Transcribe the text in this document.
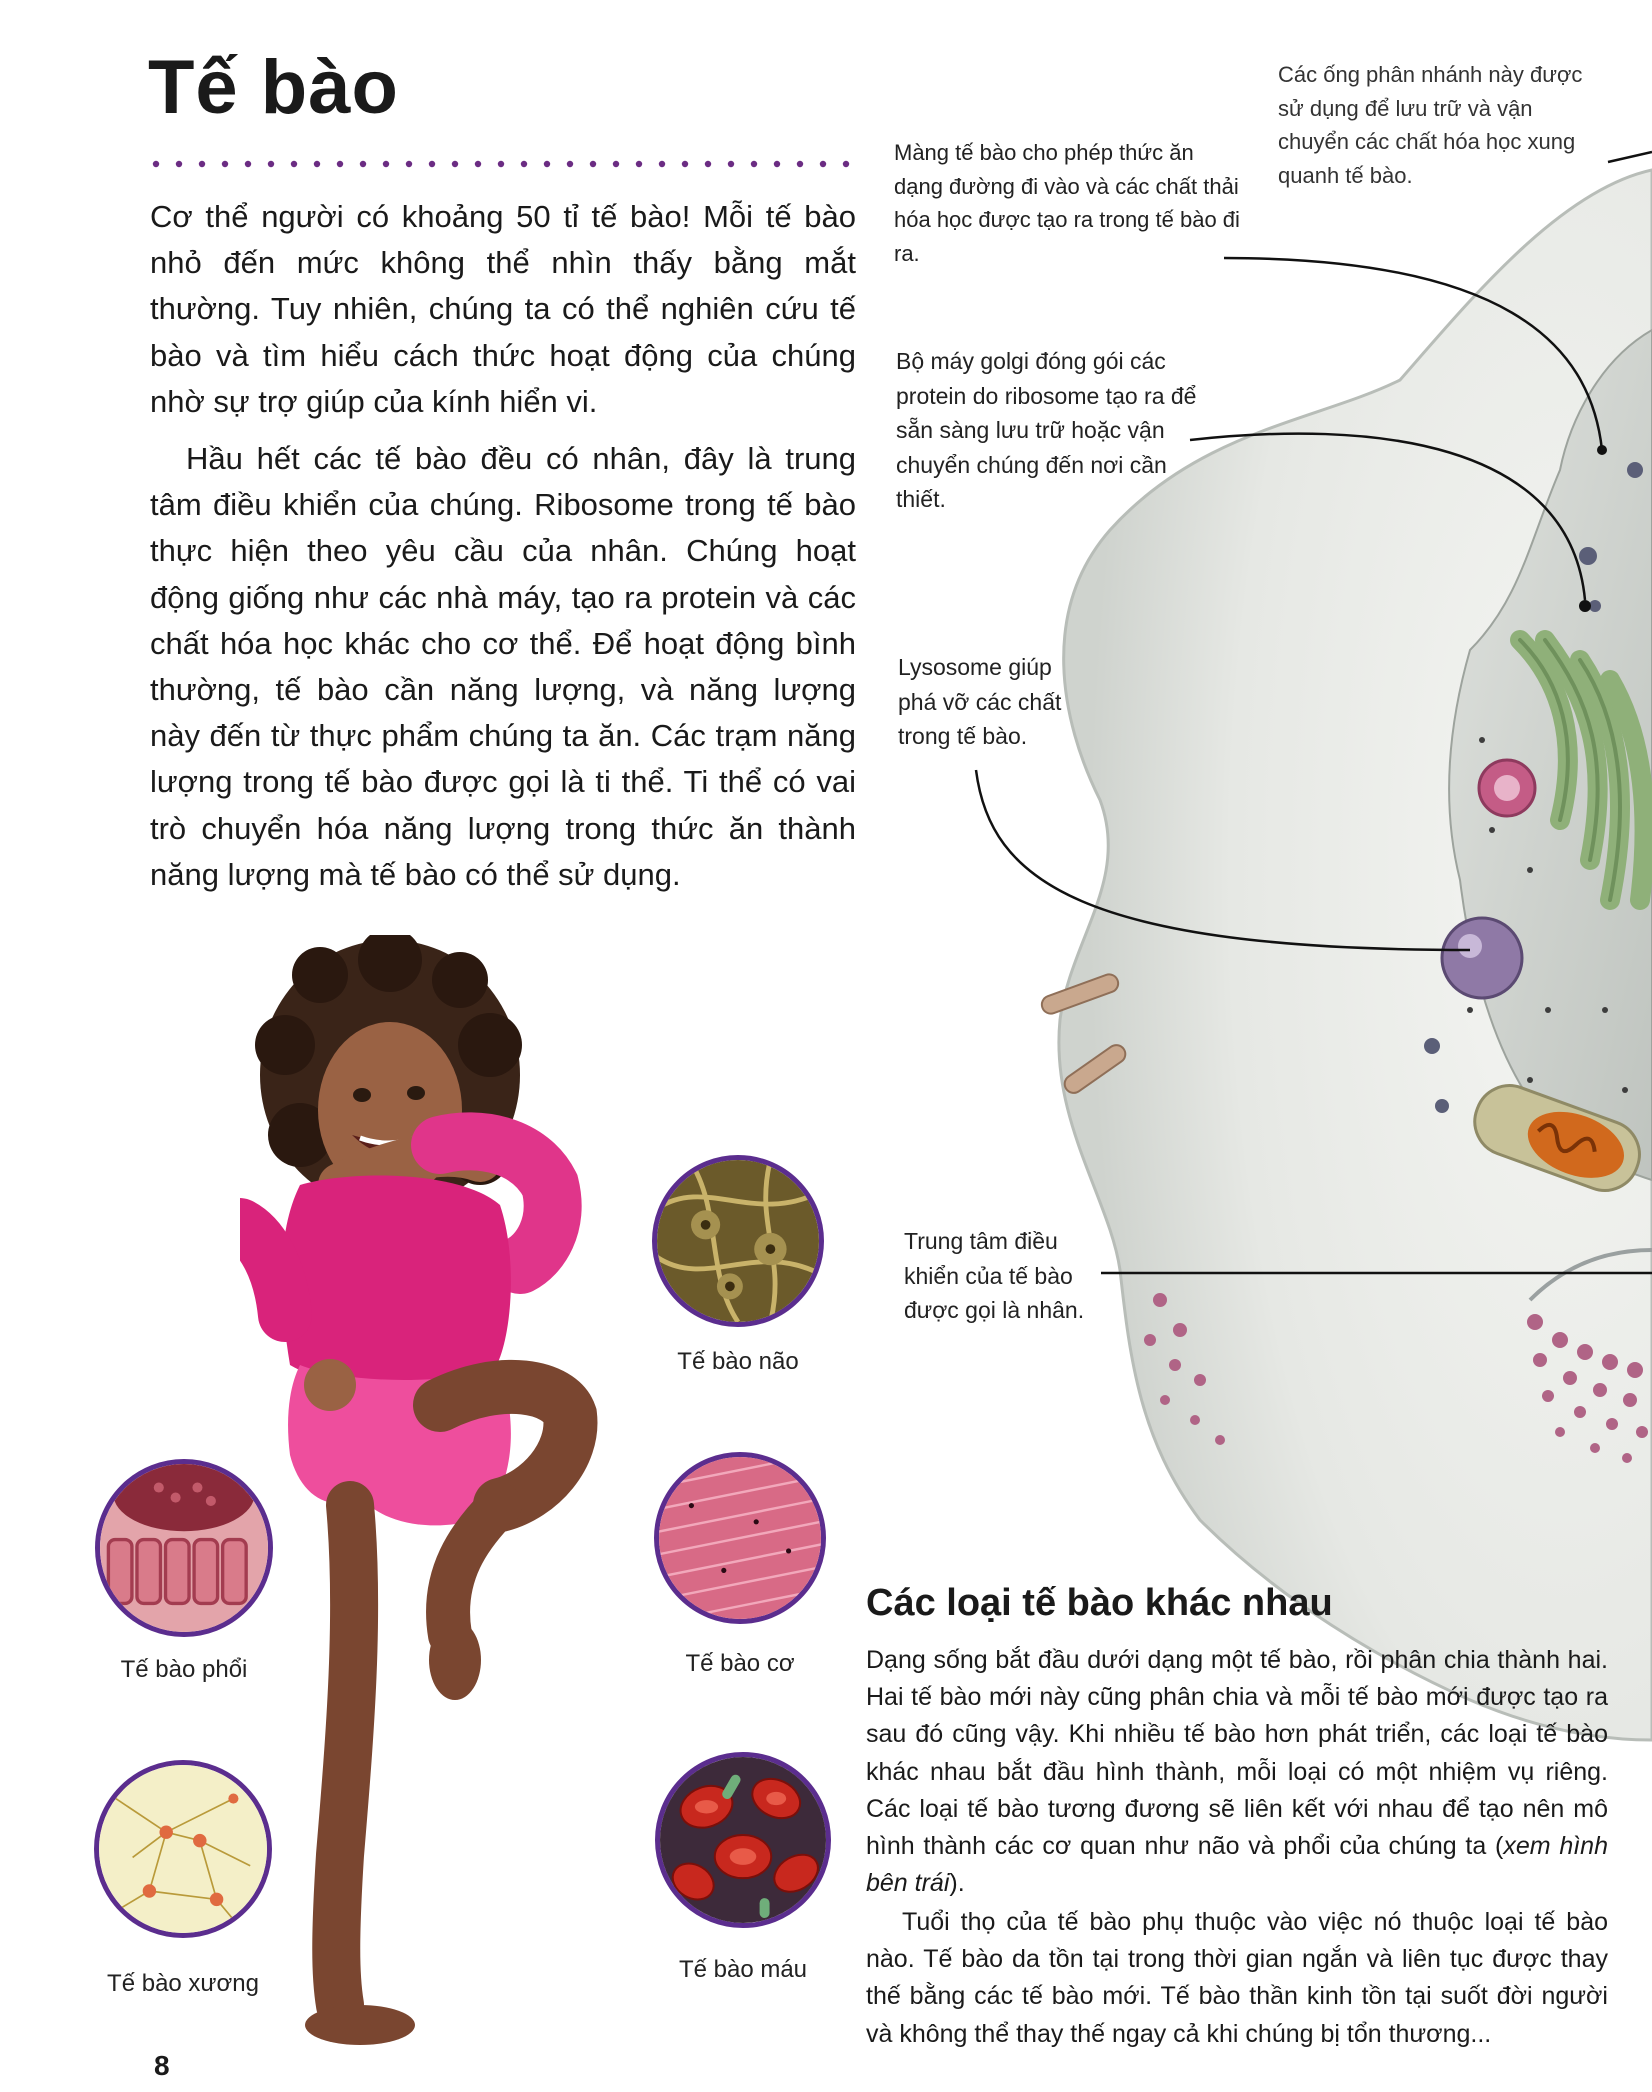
Tế bào

Cơ thể người có khoảng 50 tỉ tế bào! Mỗi tế bào nhỏ đến mức không thể nhìn thấy bằng mắt thường. Tuy nhiên, chúng ta có thể nghiên cứu tế bào và tìm hiểu cách thức hoạt động của chúng nhờ sự trợ giúp của kính hiển vi.

Hầu hết các tế bào đều có nhân, đây là trung tâm điều khiển của chúng. Ribosome trong tế bào thực hiện theo yêu cầu của nhân. Chúng hoạt động giống như các nhà máy, tạo ra protein và các chất hóa học khác cho cơ thể. Để hoạt động bình thường, tế bào cần năng lượng, và năng lượng này đến từ thực phẩm chúng ta ăn. Các trạm năng lượng trong tế bào được gọi là ti thể. Ti thể có vai trò chuyển hóa năng lượng trong thức ăn thành năng lượng mà tế bào có thể sử dụng.

Các ống phân nhánh này được sử dụng để lưu trữ và vận chuyển các chất hóa học xung quanh tế bào.

Màng tế bào cho phép thức ăn dạng đường đi vào và các chất thải hóa học được tạo ra trong tế bào đi ra.

Bộ máy golgi đóng gói các protein do ribosome tạo ra để sẵn sàng lưu trữ hoặc vận chuyển chúng đến nơi cần thiết.

Lysosome giúp phá vỡ các chất trong tế bào.

Trung tâm điều khiển của tế bào được gọi là nhân.

Tế bào não

Tế bào phổi	Tế bào cơ

Tế bào xương

Tế bào máu

Các loại tế bào khác nhau

Dạng sống bắt đầu dưới dạng một tế bào, rồi phân chia thành hai. Hai tế bào mới này cũng phân chia và mỗi tế bào mới được tạo ra sau đó cũng vậy. Khi nhiều tế bào hơn phát triển, các loại tế bào khác nhau bắt đầu hình thành, mỗi loại có một nhiệm vụ riêng. Các loại tế bào tương đương sẽ liên kết với nhau để tạo nên mô hình thành các cơ quan như não và phổi của chúng ta (xem hình bên trái).

Tuổi thọ của tế bào phụ thuộc vào việc nó thuộc loại tế bào nào. Tế bào da tồn tại trong thời gian ngắn và liên tục được thay thế bằng các tế bào mới. Tế bào thần kinh tồn tại suốt đời người và không thể thay thế ngay cả khi chúng bị tổn thương...

8
